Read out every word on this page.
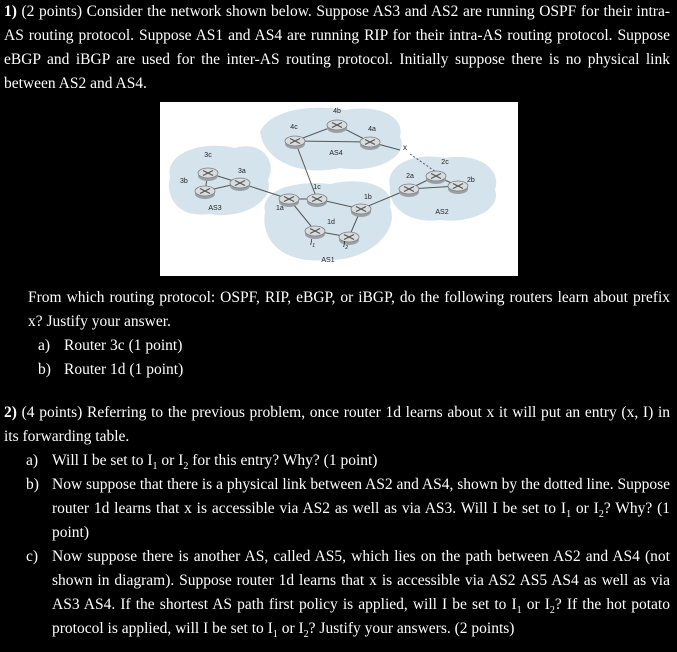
1) (2 points) Consider the network shown below. Suppose AS3 and AS2 are running OSPF for their intra-AS routing protocol. Suppose AS1 and AS4 are running RIP for their intra-AS routing protocol. Suppose eBGP and iBGP are used for the inter-AS routing protocol. Initially suppose there is no physical link between AS2 and AS4.

3c
3b
3a
4c
4b
4a
1c
1a
1b
1d
2a
2c
2b
x
AS3
AS1
AS4
AS2
$I_1$	$I_2$

From which routing protocol: OSPF, RIP, eBGP, or iBGP, do the following routers learn about prefix x? Justify your answer.

a) Router 3c (1 point)
b) Router 1d (1 point)

2) (4 points) Referring to the previous problem, once router 1d learns about x it will put an entry (x, I) in its forwarding table.

a) Will I be set to $I_1$ or $I_2$ for this entry? Why? (1 point)
b) Now suppose that there is a physical link between AS2 and AS4, shown by the dotted line. Suppose router 1d learns that x is accessible via AS2 as well as via AS3. Will I be set to $I_1$ or $I_2$? Why? (1 point)
c) Now suppose there is another AS, called AS5, which lies on the path between AS2 and AS4 (not shown in diagram). Suppose router 1d learns that x is accessible via AS2 AS5 AS4 as well as via AS3 AS4. If the shortest AS path first policy is applied, will I be set to $I_1$ or $I_2$? If the hot potato protocol is applied, will I be set to $I_1$ or $I_2$? Justify your answers. (2 points)
